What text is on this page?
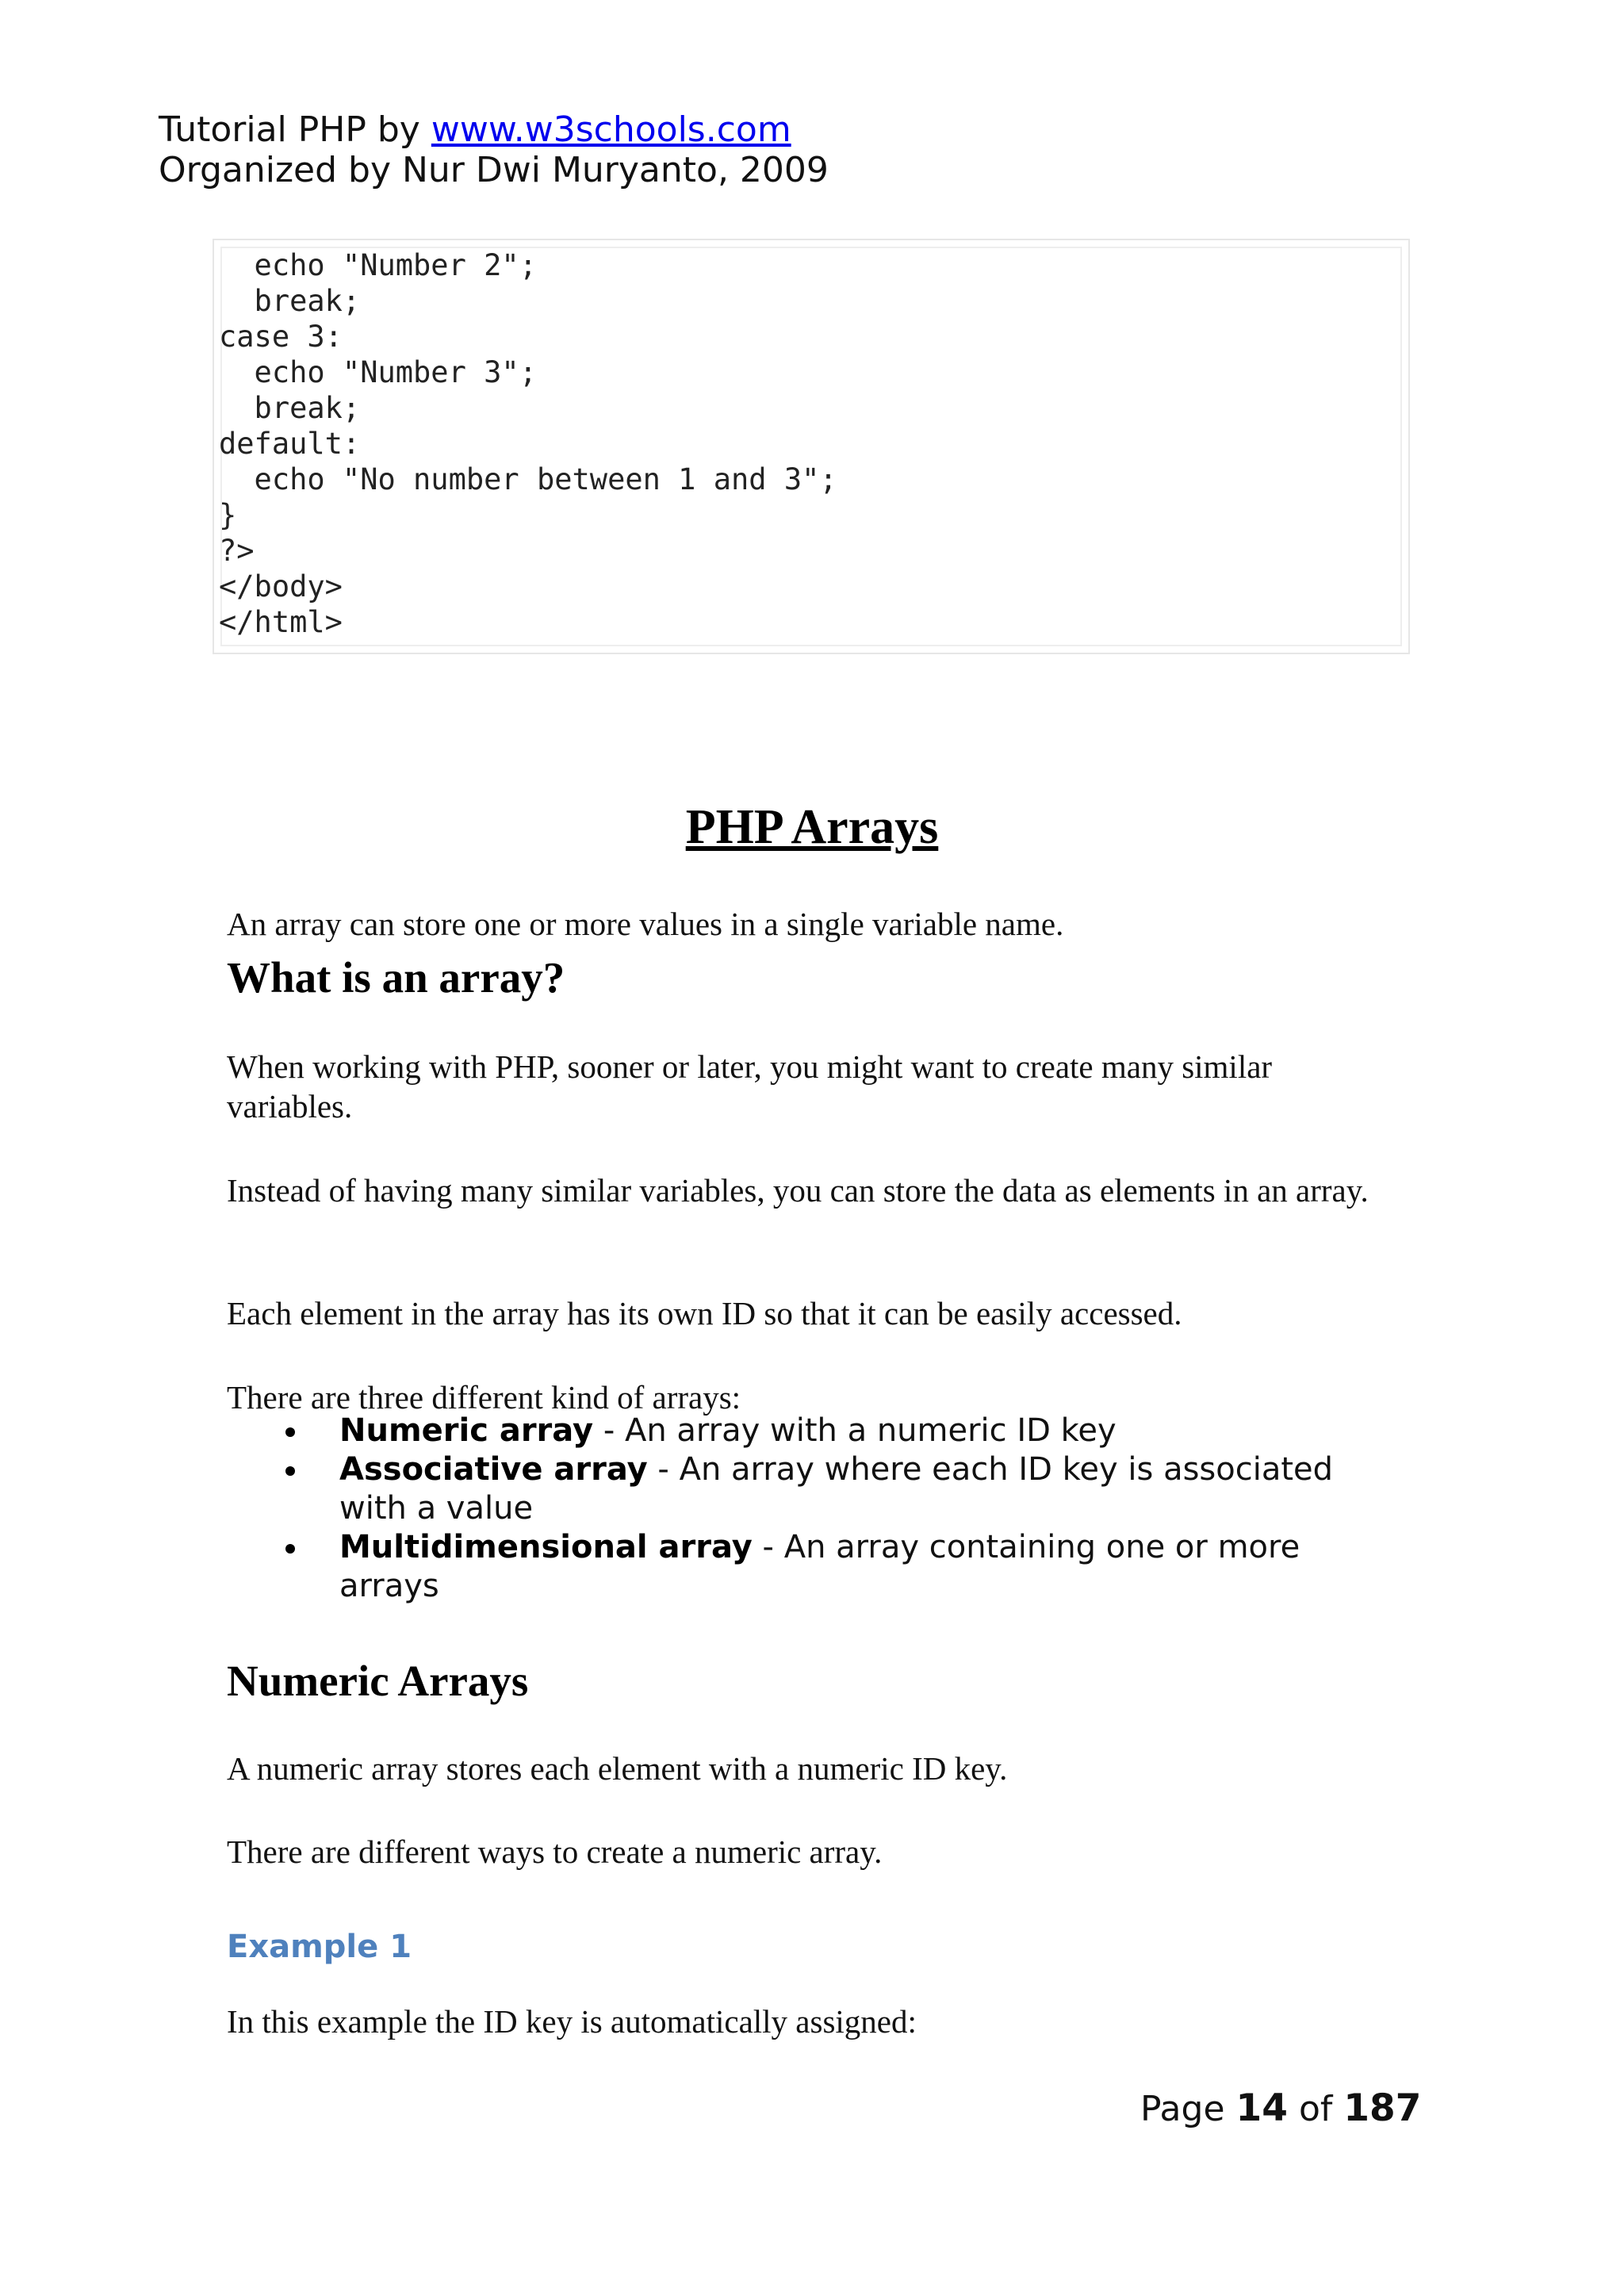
Tutorial PHP by www.w3schools.com
Organized by Nur Dwi Muryanto, 2009
echo "Number 2";
break;
case 3:
echo "Number 3";
break;
default:
echo "No number between 1 and 3";
}
?>
</body>
</html>
PHP Arrays
An array can store one or more values in a single variable name.
What is an array?
When working with PHP, sooner or later, you might want to create many similar variables.
Instead of having many similar variables, you can store the data as elements in an array.
Each element in the array has its own ID so that it can be easily accessed.
There are three different kind of arrays:
Numeric array - An array with a numeric ID key
Associative array - An array where each ID key is associated with a value
Multidimensional array - An array containing one or more arrays
Numeric Arrays
A numeric array stores each element with a numeric ID key.
There are different ways to create a numeric array.
Example 1
In this example the ID key is automatically assigned:
Page 14 of 187
